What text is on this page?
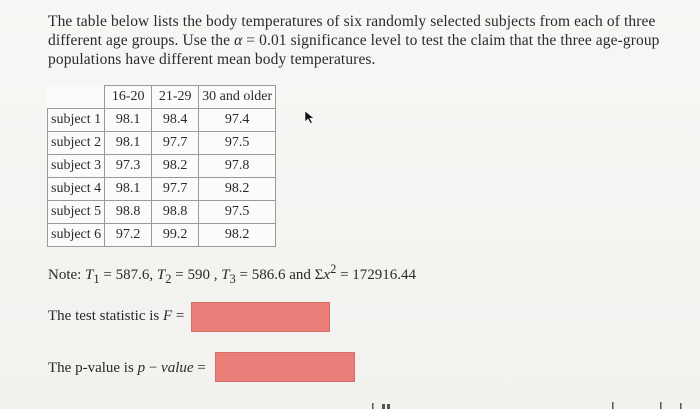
The table below lists the body temperatures of six randomly selected subjects from each of three different age groups. Use the α = 0.01 significance level to test the claim that the three age-group populations have different mean body temperatures.
	16-20	21-29	30 and older
subject 1	98.1	98.4	97.4
subject 2	98.1	97.7	97.5
subject 3	97.3	98.2	97.8
subject 4	98.1	97.7	98.2
subject 5	98.8	98.8	97.5
subject 6	97.2	99.2	98.2
Note: $T_1 = 587.6$, $T_2 = 590$ , $T_3 = 586.6$ and $\Sigma x^2 = 172916.44$
The test statistic is F =
The p-value is p − value =
